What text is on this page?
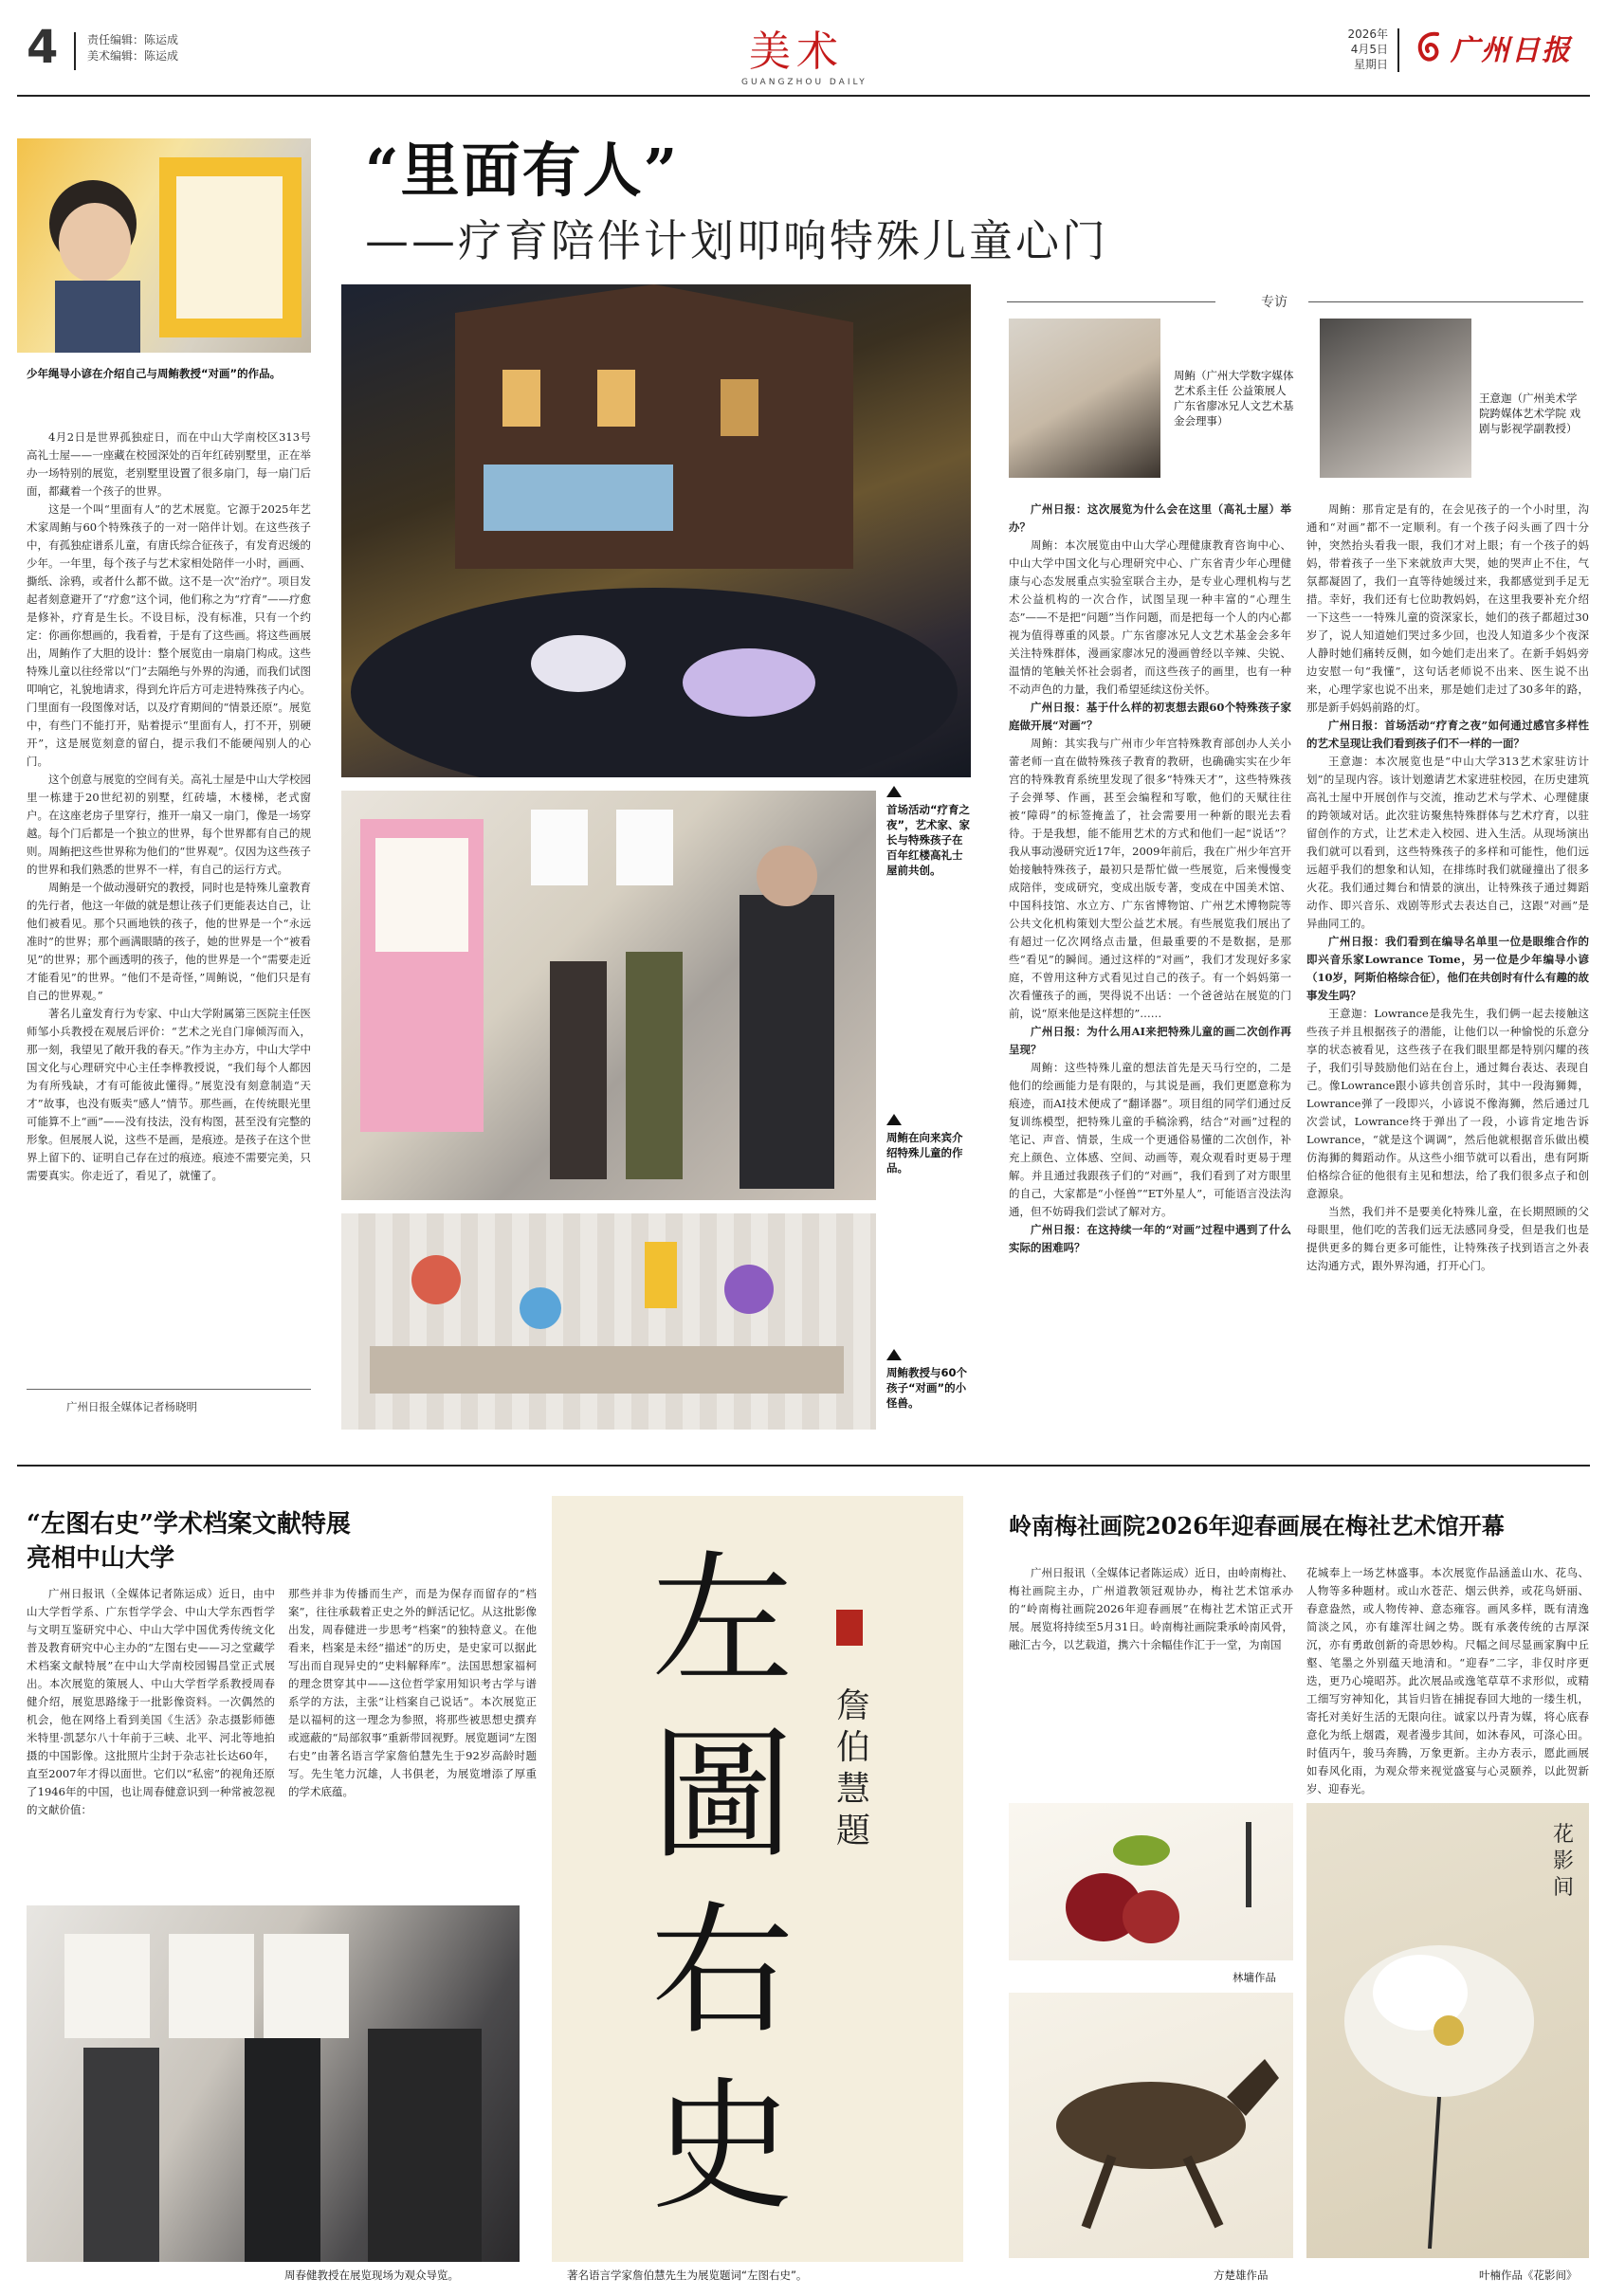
4	责任编辑：陈运成
美术编辑：陈运成	美术
GUANGZHOU DAILY
2026年
4月5日
星期日 广州日报
“里面有人”
——疗育陪伴计划叩响特殊儿童心门
少年绳导小谚在介绍自己与周鲔教授“对画”的作品。

4月2日是世界孤独症日，而在中山大学南校区313号高礼士屋——一座藏在校园深处的百年红砖别墅里，正在举办一场特别的展览，老别墅里设置了很多扇门，每一扇门后面，都藏着一个孩子的世界。

这是一个叫“里面有人”的艺术展览。它源于2025年艺术家周鲔与60个特殊孩子的一对一陪伴计划。在这些孩子中，有孤独症谱系儿童，有唐氏综合征孩子，有发育迟缓的少年。一年里，每个孩子与艺术家相处陪伴一小时，画画、撕纸、涂鸦，或者什么都不做。这不是一次“治疗”。项目发起者刻意避开了“疗愈”这个词，他们称之为“疗育”——疗愈是修补，疗育是生长。不设目标，没有标准，只有一个约定：你画你想画的，我看着，于是有了这些画。将这些画展出，周鲔作了大胆的设计：整个展览由一扇扇门构成。这些特殊儿童以往经常以“门”去隔绝与外界的沟通，而我们试图叩响它，礼貌地请求，得到允许后方可走进特殊孩子内心。门里面有一段图像对话，以及疗育期间的“情景还原”。展览中，有些门不能打开，贴着提示“里面有人，打不开，别硬开”，这是展览刻意的留白，提示我们不能硬闯别人的心门。

这个创意与展览的空间有关。高礼士屋是中山大学校园里一栋建于20世纪初的别墅，红砖墙，木楼梯，老式窗户。在这座老房子里穿行，推开一扇又一扇门，像是一场穿越。每个门后都是一个独立的世界，每个世界都有自己的规则。周鲔把这些世界称为他们的“世界观”。仅因为这些孩子的世界和我们熟悉的世界不一样，有自己的运行方式。

周鲔是一个做动漫研究的教授，同时也是特殊儿童教育的先行者，他这一年做的就是想让孩子们更能表达自己，让他们被看见。那个只画地铁的孩子，他的世界是一个“永远准时”的世界；那个画满眼睛的孩子，她的世界是一个“被看见”的世界；那个画透明的孩子，他的世界是一个“需要走近才能看见”的世界。“他们不是奇怪，”周鲔说，“他们只是有自己的世界观。”

著名儿童发育行为专家、中山大学附属第三医院主任医师邹小兵教授在观展后评价：“艺术之光自门扉倾泻而入，那一刻，我望见了敞开我的春天。”作为主办方，中山大学中国文化与心理研究中心主任李桦教授说，“我们每个人都因为有所残缺，才有可能彼此懂得。”展览没有刻意制造“天才”故事，也没有贩卖“感人”情节。那些画，在传统眼光里可能算不上“画”——没有技法，没有构图，甚至没有完整的形象。但展展人说，这些不是画，是痕迹。是孩子在这个世界上留下的、证明自己存在过的痕迹。痕迹不需要完美，只需要真实。你走近了，看见了，就懂了。

广州日报全媒体记者杨晓明
首场活动“疗育之夜”，艺术家、家长与特殊孩子在百年红楼高礼士屋前共创。
周鲔在向来宾介绍特殊儿童的作品。
周鲔教授与60个孩子“对画”的小怪兽。
专访
周鲔（广州大学数字媒体艺术系主任 公益策展人 广东省廖冰兄人文艺术基金会理事）
王意迦（广州美术学院跨媒体艺术学院 戏剧与影视学副教授）

广州日报：这次展览为什么会在这里（高礼士屋）举办？

周鲔：本次展览由中山大学心理健康教育咨询中心、中山大学中国文化与心理研究中心、广东省青少年心理健康与心态发展重点实验室联合主办，是专业心理机构与艺术公益机构的一次合作，试图呈现一种丰富的“心理生态”——不是把“问题”当作问题，而是把每一个人的内心都视为值得尊重的风景。广东省廖冰兄人文艺术基金会多年关注特殊群体，漫画家廖冰兄的漫画曾经以辛辣、尖锐、温情的笔触关怀社会弱者，而这些孩子的画里，也有一种不动声色的力量，我们希望延续这份关怀。

广州日报：基于什么样的初衷想去跟60个特殊孩子家庭做开展“对画”？

周鲔：其实我与广州市少年宫特殊教育部创办人关小蕾老师一直在做特殊孩子教育的教研，也确确实实在少年宫的特殊教育系统里发现了很多“特殊天才”，这些特殊孩子会弹琴、作画，甚至会编程和写歌，他们的天赋往往被“障碍”的标签掩盖了，社会需要用一种新的眼光去看待。于是我想，能不能用艺术的方式和他们一起“说话”？我从事动漫研究近17年，2009年前后，我在广州少年宫开始接触特殊孩子，最初只是帮忙做一些展览，后来慢慢变成陪伴，变成研究，变成出版专著，变成在中国美术馆、中国科技馆、水立方、广东省博物馆、广州艺术博物院等公共文化机构策划大型公益艺术展。有些展览我们展出了有超过一亿次网络点击量，但最重要的不是数据，是那些“看见”的瞬间。通过这样的“对画”，我们才发现好多家庭，不曾用这种方式看见过自己的孩子。有一个妈妈第一次看懂孩子的画，哭得说不出话：一个爸爸站在展览的门前，说“原来他是这样想的”……

广州日报：为什么用AI来把特殊儿童的画二次创作再呈现？

周鲔：这些特殊儿童的想法首先是天马行空的，二是他们的绘画能力是有限的，与其说是画，我们更愿意称为痕迹，而AI技术便成了“翻译器”。项目组的同学们通过反复训练模型，把特殊儿童的手稿涂鸦，结合“对画”过程的笔记、声音、情景，生成一个更通俗易懂的二次创作，补充上颜色、立体感、空间、动画等，观众观看时更易于理解。并且通过我跟孩子们的“对画”，我们看到了对方眼里的自己，大家都是“小怪兽”“ET外星人”，可能语言没法沟通，但不妨碍我们尝试了解对方。

广州日报：在这持续一年的“对画”过程中遇到了什么实际的困难吗？

周鲔：那肯定是有的，在会见孩子的一个小时里，沟通和“对画”都不一定顺利。有一个孩子闷头画了四十分钟，突然抬头看我一眼，我们才对上眼；有一个孩子的妈妈，带着孩子一坐下来就放声大哭，她的哭声止不住，气氛都凝固了，我们一直等待她缓过来，我都感觉到手足无措。幸好，我们还有七位助教妈妈，在这里我要补充介绍一下这些一一特殊儿童的资深家长，她们的孩子都超过30岁了，说人知道她们哭过多少回，也没人知道多少个夜深人静时她们痛转反侧，如今她们走出来了。在新手妈妈旁边安慰一句“我懂”，这句话老师说不出来、医生说不出来，心理学家也说不出来，那是她们走过了30多年的路，那是新手妈妈前路的灯。

广州日报：首场活动“疗育之夜”如何通过感官多样性的艺术呈现让我们看到孩子们不一样的一面？

王意迦：本次展览也是“中山大学313艺术家驻访计划”的呈现内容。该计划邀请艺术家进驻校园，在历史建筑高礼士屋中开展创作与交流，推动艺术与学术、心理健康的跨领域对话。此次驻访聚焦特殊群体与艺术疗育，以驻留创作的方式，让艺术走入校园、进入生活。从现场演出我们就可以看到，这些特殊孩子的多样和可能性，他们远远超乎我们的想象和认知，在排练时我们就碰撞出了很多火花。我们通过舞台和情景的演出，让特殊孩子通过舞蹈动作、即兴音乐、戏剧等形式去表达自己，这跟“对画”是异曲同工的。

广州日报：我们看到在编导名单里一位是眼维合作的即兴音乐家Lowrance Tome，另一位是少年编导小谚（10岁，阿斯伯格综合征），他们在共创时有什么有趣的故事发生吗？

王意迦：Lowrance是我先生，我们俩一起去接触这些孩子并且根据孩子的潜能，让他们以一种愉悦的乐意分享的状态被看见，这些孩子在我们眼里都是特别闪耀的孩子，我们引导鼓励他们站在台上，通过舞台表达、表现自己。像Lowrance跟小谚共创音乐时，其中一段海狮舞，Lowrance弹了一段即兴，小谚说不像海狮，然后通过几次尝试，Lowrance终于弹出了一段，小谚肯定地告诉Lowrance，“就是这个调调”，然后他就根据音乐做出模仿海狮的舞蹈动作。从这些小细节就可以看出，患有阿斯伯格综合征的他很有主见和想法，给了我们很多点子和创意源泉。

当然，我们并不是要美化特殊儿童，在长期照顾的父母眼里，他们吃的苦我们远无法感同身受，但是我们也是提供更多的舞台更多可能性，让特殊孩子找到语言之外表达沟通方式，跟外界沟通，打开心门。

“左图右史”学术档案文献特展
亮相中山大学

广州日报讯（全媒体记者陈运成）近日，由中山大学哲学系、广东哲学学会、中山大学东西哲学与文明互鉴研究中心、中山大学中国优秀传统文化普及教育研究中心主办的“左图右史——习之堂藏学术档案文献特展”在中山大学南校园锡昌堂正式展出。本次展览的策展人、中山大学哲学系教授周春健介绍，展览思路缘于一批影像资料。一次偶然的机会，他在网络上看到美国《生活》杂志摄影师德米特里·凯瑟尔八十年前于三峡、北平、河北等地拍摄的中国影像。这批照片尘封于杂志社长达60年，直至2007年才得以面世。它们以“私密”的视角还原了1946年的中国，也让周春健意识到一种常被忽视的文献价值：

那些并非为传播而生产，而是为保存而留存的“档案”，往往承载着正史之外的鲜活记忆。从这批影像出发，周春健进一步思考“档案”的独特意义。在他看来，档案是未经“描述”的历史，是史家可以据此写出而自现异史的“史料解释库”。法国思想家福柯的理念贯穿其中——这位哲学家用知识考古学与谱系学的方法，主张“让档案自己说话”。本次展览正是以福柯的这一理念为参照，将那些被思想史撰弃或遮蔽的“局部叙事”重新带回视野。展览题词“左图右史”由著名语言学家詹伯慧先生于92岁高龄时题写。先生笔力沉雄，人书俱老，为展览增添了厚重的学术底蕴。

周春健教授在展览现场为观众导览。
左
圖
右
史
詹伯慧題
著名语言学家詹伯慧先生为展览题词“左图右史”。
岭南梅社画院2026年迎春画展在梅社艺术馆开幕

广州日报讯（全媒体记者陈运成）近日，由岭南梅社、梅社画院主办，广州道教领冠观协办，梅社艺术馆承办的“岭南梅社画院2026年迎春画展”在梅社艺术馆正式开展。展览将持续至5月31日。岭南梅社画院秉承岭南风骨，融汇古今，以艺载道，携六十余幅佳作汇于一堂，为南国

花城奉上一场艺林盛事。本次展览作品涵盖山水、花鸟、人物等多种题材。或山水苍茫、烟云供养，或花鸟妍丽、春意盎然，或人物传神、意态雍容。画风多样，既有清逸简淡之风，亦有雄浑壮阔之势。既有承袭传统的古厚深沉，亦有勇敢创新的奇思妙构。尺幅之间尽显画家胸中丘壑、笔墨之外别蕴天地清和。“迎春”二字，非仅时序更迭，更乃心境昭苏。此次展品或逸笔草草不求形似，或精工细写穷神知化，其旨归皆在捕捉春回大地的一缕生机，寄托对美好生活的无限向往。诚家以丹青为媒，将心底春意化为纸上烟霞，观者漫步其间，如沐春风，可涤心田。时值丙午，骏马奔腾，万象更新。主办方表示，愿此画展如春风化雨，为观众带来视觉盛宴与心灵颐养，以此贺新岁、迎春光。

林墉作品
方楚雄作品
花影间
叶楠作品《花影间》
